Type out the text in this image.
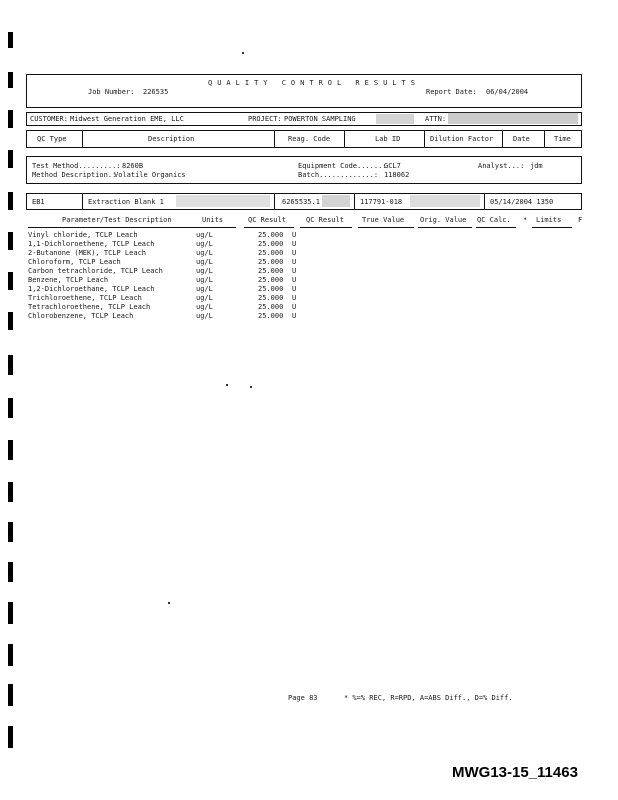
QUALITY CONTROL RESULTS
Job Number: 226535	Report Date: 06/04/2004
CUSTOMER: Midwest Generation EME, LLC	PROJECT: POWERTON SAMPLING	ATTN:
QC Type	Description	Reag. Code	Lab ID	Dilution Factor	Date	Time
Test Method.........: 8260B
Method Description.:
Volatile Organics
Equipment Code......:
GCL7
Batch.............: 118062
Analyst...: jdm
EB1	Extraction Blank 1	6265535.1	117791-018	05/14/2004 1350
Parameter/Test Description	Units	QC Result	QC Result	True Value Orig. Value QC Calc. * Limits F
Vinyl chloride, TCLP Leach	ug/L	25.000 U
1,1-Dichloroethene, TCLP Leach	ug/L	25.000 U
2-Butanone (MEK), TCLP Leach	ug/L	25.000 U
Chloroform, TCLP Leach	ug/L	25.000 U
Carbon tetrachloride, TCLP Leach	ug/L	25.000 U
Benzene, TCLP Leach	ug/L	25.000 U
1,2-Dichloroethane, TCLP Leach	ug/L	25.000 U
Trichloroethene, TCLP Leach	ug/L	25.000 U
Tetrachloroethene, TCLP Leach	ug/L	25.000 U
Chlorobenzene, TCLP Leach	ug/L	25.000 U
Page 83	* %=% REC, R=RPD, A=ABS Diff., D=% Diff.
MWG13-15_11463
